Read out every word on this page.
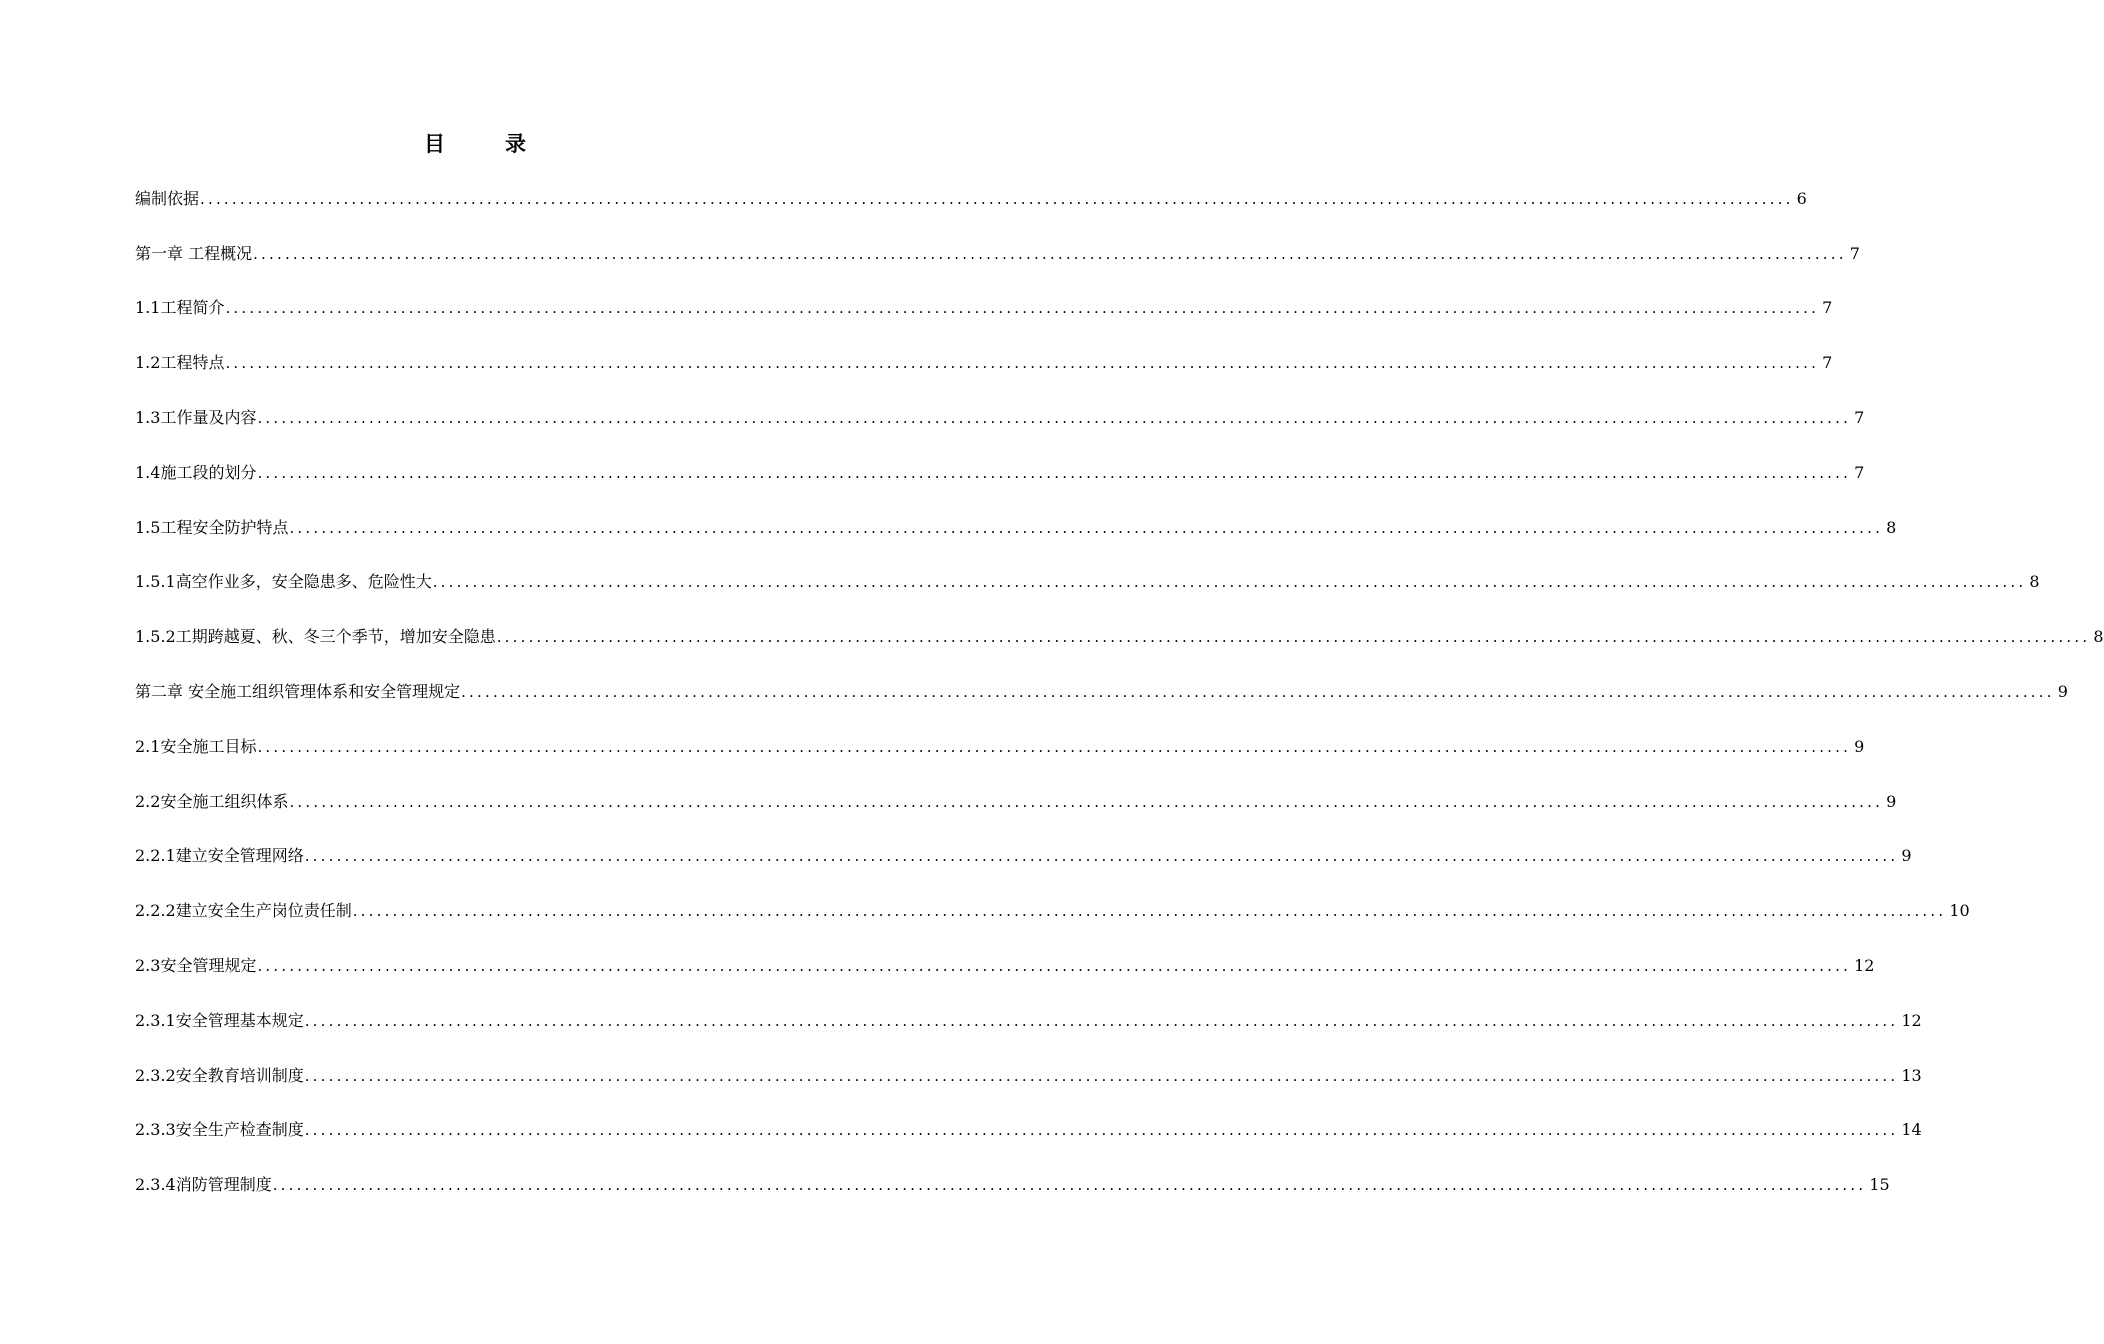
目	录
编制依据 ........................................................................................................................................................................................................ 6
第一章 工程概况 ........................................................................................................................................................................................................ 7
1.1工程简介 ........................................................................................................................................................................................................ 7
1.2工程特点 ........................................................................................................................................................................................................ 7
1.3工作量及内容 ........................................................................................................................................................................................................ 7
1.4施工段的划分 ........................................................................................................................................................................................................ 7
1.5工程安全防护特点 ........................................................................................................................................................................................................ 8
1.5.1高空作业多，安全隐患多、危险性大 ........................................................................................................................................................................................................ 8
1.5.2工期跨越夏、秋、冬三个季节，增加安全隐患 ........................................................................................................................................................................................................ 8
第二章 安全施工组织管理体系和安全管理规定 ........................................................................................................................................................................................................ 9
2.1安全施工目标 ........................................................................................................................................................................................................ 9
2.2安全施工组织体系 ........................................................................................................................................................................................................ 9
2.2.1建立安全管理网络 ........................................................................................................................................................................................................ 9
2.2.2建立安全生产岗位责任制 ........................................................................................................................................................................................................ 10
2.3安全管理规定 ........................................................................................................................................................................................................ 12
2.3.1安全管理基本规定 ........................................................................................................................................................................................................ 12
2.3.2安全教育培训制度 ........................................................................................................................................................................................................ 13
2.3.3安全生产检查制度 ........................................................................................................................................................................................................ 14
2.3.4消防管理制度 ........................................................................................................................................................................................................ 15
